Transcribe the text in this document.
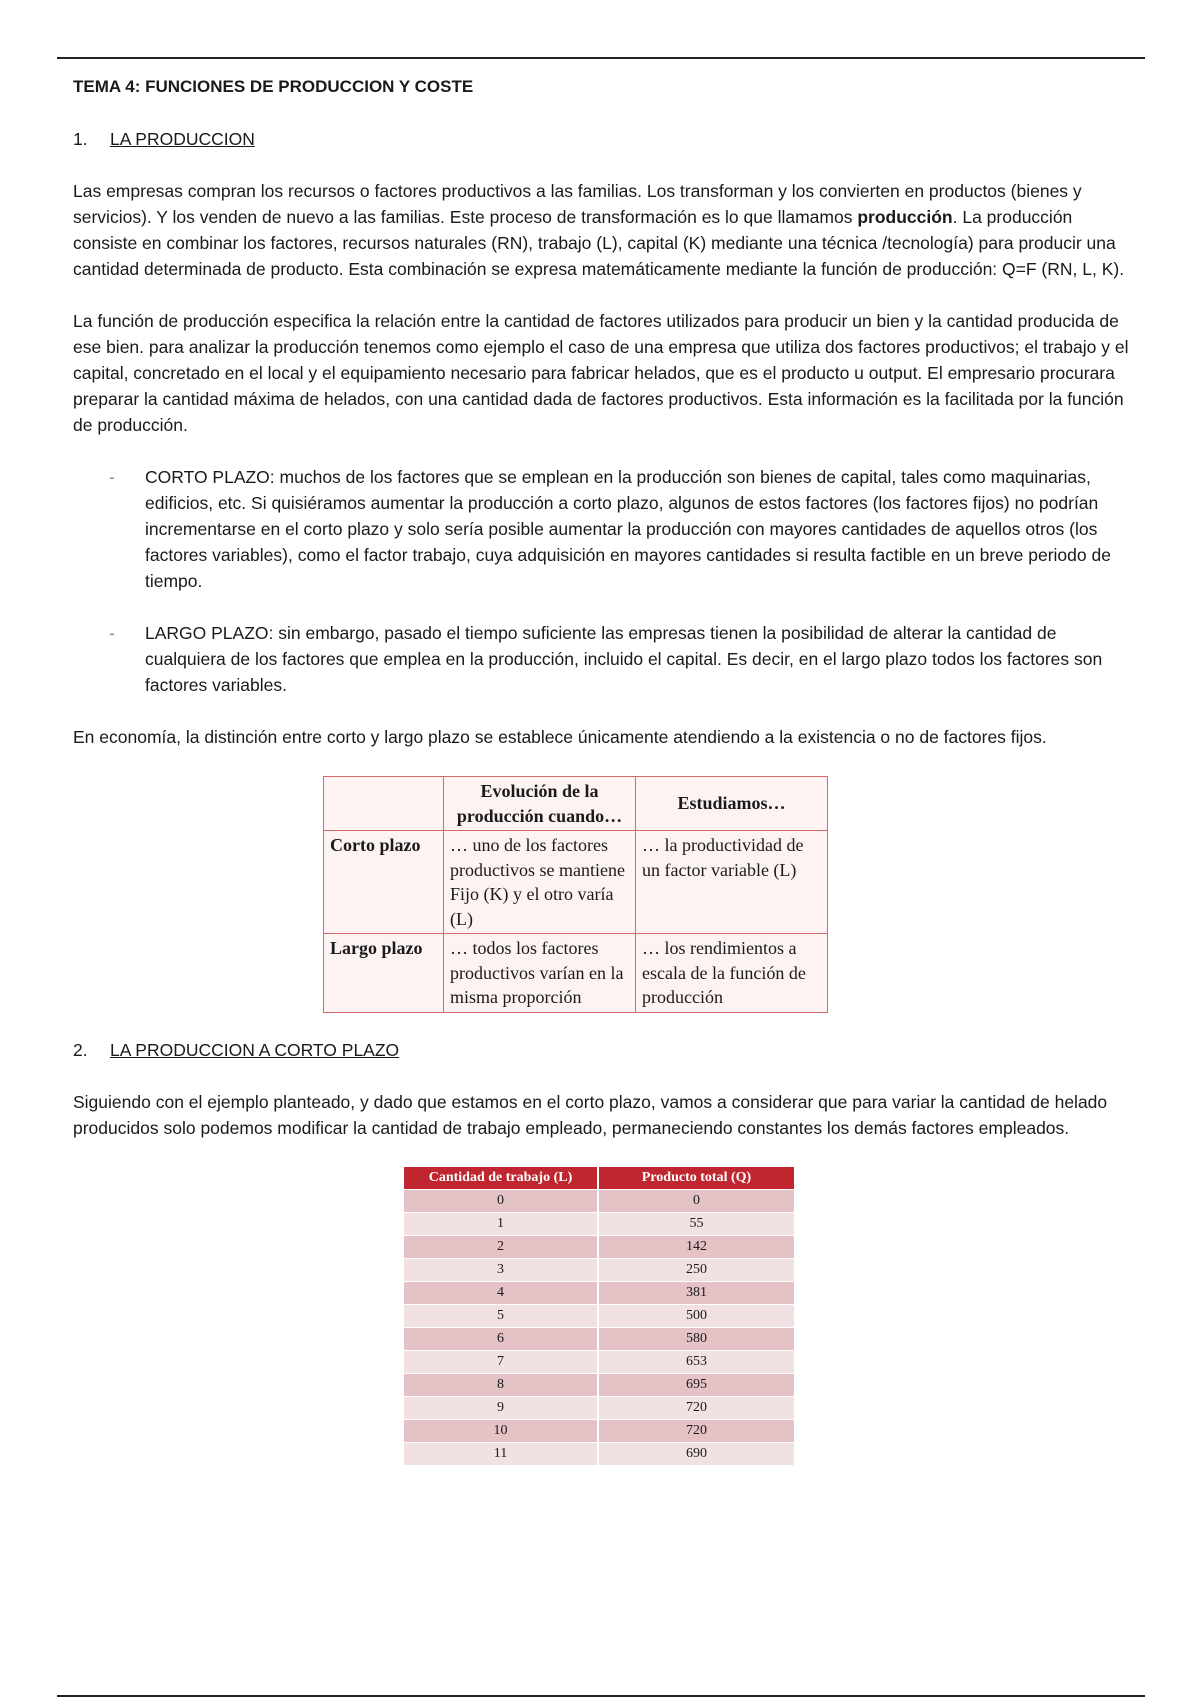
TEMA 4: FUNCIONES DE PRODUCCION Y COSTE
1.	LA PRODUCCION

Las empresas compran los recursos o factores productivos a las familias. Los transforman y los convierten en productos (bienes y servicios). Y los venden de nuevo a las familias. Este proceso de transformación es lo que llamamos producción. La producción consiste en combinar los factores, recursos naturales (RN), trabajo (L), capital (K) mediante una técnica /tecnología) para producir una cantidad determinada de producto. Esta combinación se expresa matemáticamente mediante la función de producción: Q=F (RN, L, K).

La función de producción especifica la relación entre la cantidad de factores utilizados para producir un bien y la cantidad producida de ese bien. para analizar la producción tenemos como ejemplo el caso de una empresa que utiliza dos factores productivos; el trabajo y el capital, concretado en el local y el equipamiento necesario para fabricar helados, que es el producto u output. El empresario procurara preparar la cantidad máxima de helados, con una cantidad dada de factores productivos. Esta información es la facilitada por la función de producción.

- CORTO PLAZO: muchos de los factores que se emplean en la producción son bienes de capital, tales como maquinarias, edificios, etc. Si quisiéramos aumentar la producción a corto plazo, algunos de estos factores (los factores fijos) no podrían incrementarse en el corto plazo y solo sería posible aumentar la producción con mayores cantidades de aquellos otros (los factores variables), como el factor trabajo, cuya adquisición en mayores cantidades si resulta factible en un breve periodo de tiempo.
- LARGO PLAZO: sin embargo, pasado el tiempo suficiente las empresas tienen la posibilidad de alterar la cantidad de cualquiera de los factores que emplea en la producción, incluido el capital. Es decir, en el largo plazo todos los factores son factores variables.

En economía, la distinción entre corto y largo plazo se establece únicamente atendiendo a la existencia o no de factores fijos.

	Evolución de la producción cuando…	Estudiamos…
Corto plazo	… uno de los factores productivos se mantiene Fijo (K) y el otro varía (L)	… la productividad de un factor variable (L)
Largo plazo	… todos los factores productivos varían en la misma proporción	… los rendimientos a escala de la función de producción
2.	LA PRODUCCION A CORTO PLAZO

Siguiendo con el ejemplo planteado, y dado que estamos en el corto plazo, vamos a considerar que para variar la cantidad de helado producidos solo podemos modificar la cantidad de trabajo empleado, permaneciendo constantes los demás factores empleados.

Cantidad de trabajo (L)	Producto total (Q)
0	0
1	55
2	142
3	250
4	381
5	500
6	580
7	653
8	695
9	720
10	720
11	690
